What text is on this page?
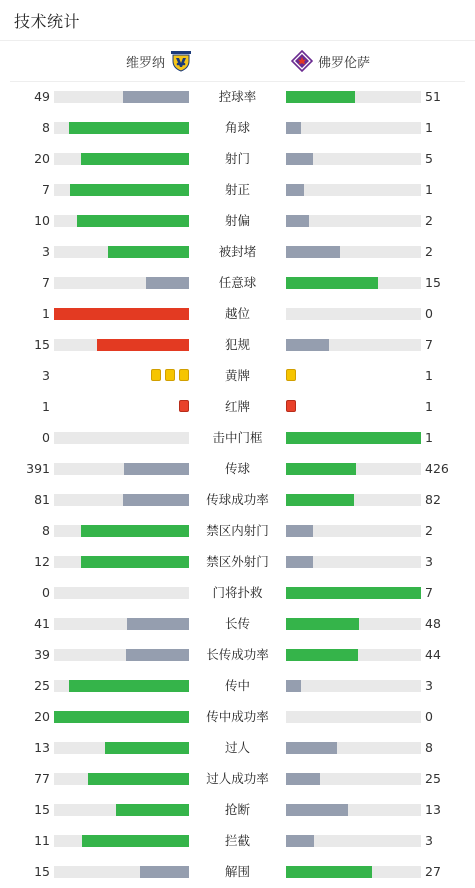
技术统计
维罗纳	佛罗伦萨
49	控球率	51
8	角球	1
20	射门	5
7	射正	1
10	射偏	2
3	被封堵	2
7	任意球	15
1	越位	0
15	犯规	7
3	黄牌	1
1	红牌	1
0	击中门框	1
391	传球	426
81	传球成功率	82
8	禁区内射门	2
12	禁区外射门	3
0	门将扑救	7
41	长传	48
39	长传成功率	44
25	传中	3
20	传中成功率	0
13	过人	8
77	过人成功率	25
15	抢断	13
11	拦截	3
15	解围	27
